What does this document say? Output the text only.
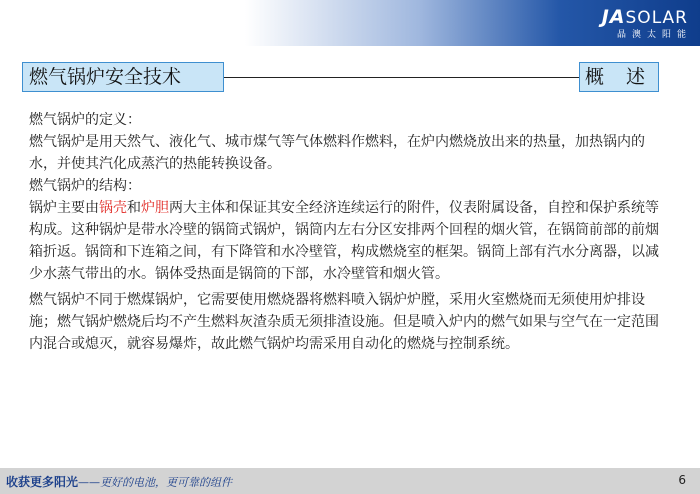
JASOLAR
晶澳太阳能
燃气锅炉安全技术	概 述

燃气锅炉的定义：

燃气锅炉是用天然气、液化气、城市煤气等气体燃料作燃料，在炉内燃烧放出来的热量，加热锅内的水，并使其汽化成蒸汽的热能转换设备。

燃气锅炉的结构：

锅炉主要由锅壳和炉胆两大主体和保证其安全经济连续运行的附件，仪表附属设备，自控和保护系统等构成。这种锅炉是带水冷壁的锅筒式锅炉，锅筒内左右分区安排两个回程的烟火管，在锅筒前部的前烟箱折返。锅筒和下连箱之间，有下降管和水冷壁管，构成燃烧室的框架。锅筒上部有汽水分离器，以减少水蒸气带出的水。锅体受热面是锅筒的下部，水冷壁管和烟火管。

燃气锅炉不同于燃煤锅炉，它需要使用燃烧器将燃料喷入锅炉炉膛，采用火室燃烧而无须使用炉排设施；燃气锅炉燃烧后均不产生燃料灰渣杂质无须排渣设施。但是喷入炉内的燃气如果与空气在一定范围内混合或熄灭，就容易爆炸，故此燃气锅炉均需采用自动化的燃烧与控制系统。

收获更多阳光——更好的电池，更可靠的组件	6
